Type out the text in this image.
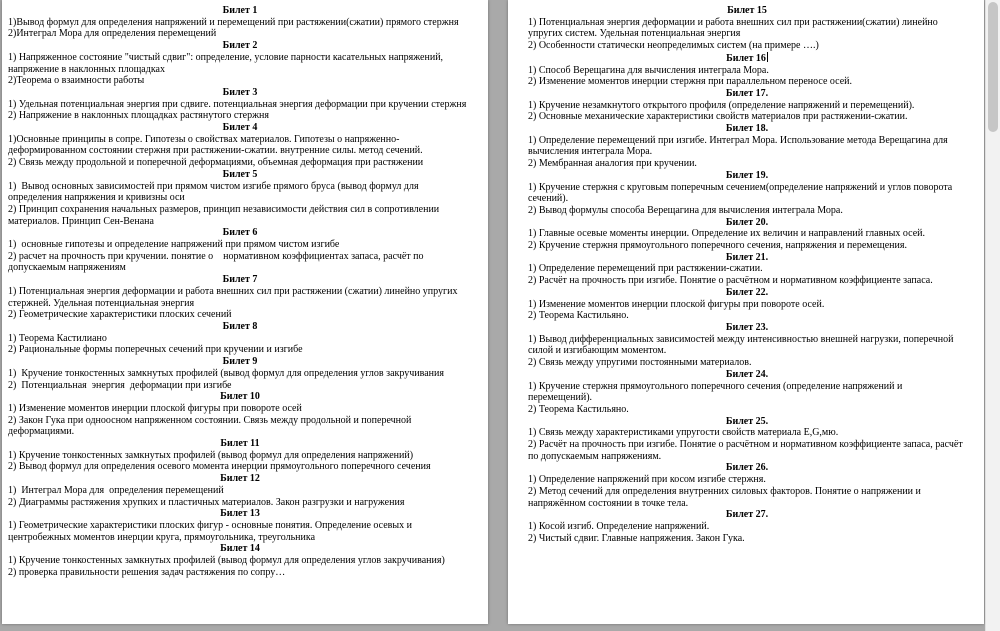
Билет 1
1)Вывод формул для определения напряжений и перемещений при растяжении(сжатии) прямого стержня
2)Интеграл Мора для определения перемещений
Билет 2
1) Напряженное состояние "чистый сдвиг": определение, условие парности касательных напряжений, напряжение в наклонных площадках
2)Теорема о взаимности работы
Билет 3
1) Удельная потенциальная энергия при сдвиге. потенциальная энергия деформации при кручении стержня
2) Напряжение в наклонных площадках растянутого стержня
Билет 4
1)Основные принципы в сопре. Гипотезы о свойствах материалов. Гипотезы о напряженно-деформированном состоянии стержня при растяжении-сжатии. внутренние силы. метод сечений.
2) Связь между продольной и поперечной деформациями, объемная деформация при растяжении
Билет 5
1)  Вывод основных зависимостей при прямом чистом изгибе прямого бруса (вывод формул для определения напряжения и кривизны оси
2) Принцип сохранения начальных размеров, принцип независимости действия сил в сопротивлении материалов. Принцип Сен-Венана
Билет 6
1)  основные гипотезы и определение напряжений при прямом чистом изгибе
2) расчет на прочность при кручении. понятие о    нормативном коэффициентах запаса, расчёт по допускаемым напряжениям
Билет 7
1) Потенциальная энергия деформации и работа внешних сил при растяжении (сжатии) линейно упругих стержней. Удельная потенциальная энергия
2) Геометрические характеристики плоских сечений
Билет 8
1) Теорема Кастилиано
2) Рациональные формы поперечных сечений при кручении и изгибе
Билет 9
1)  Кручение тонкостенных замкнутых профилей (вывод формул для определения углов закручивания
2)  Потенциальная  энергия  деформации при изгибе
Билет 10
1) Изменение моментов инерции плоской фигуры при повороте осей
2) Закон Гука при одноосном напряженном состоянии. Связь между продольной и поперечной деформациями.
Билет 11
1) Кручение тонкостенных замкнутых профилей (вывод формул для определения напряжений)
2) Вывод формул для определения осевого момента инерции прямоугольного поперечного сечения
Билет 12
1)  Интеграл Мора для  определения перемещений
2) Диаграммы растяжения хрупких и пластичных материалов. Закон разгрузки и нагружения
Билет 13
1) Геометрические характеристики плоских фигур - основные понятия. Определение осевых и центробежных моментов инерции круга, прямоугольника, треугольника
Билет 14
1) Кручение тонкостенных замкнутых профилей (вывод формул для определения углов закручивания)
2) проверка правильности решения задач растяжения по сопру…
Билет 15
1) Потенциальная энергия деформации и работа внешних сил при растяжении(сжатии) линейно упругих систем. Удельная потенциальная энергия
2) Особенности статически неопределимых систем (на примере ….)
Билет 16
1) Способ Верещагина для вычисления интеграла Мора.
2) Изменение моментов инерции стержня при параллельном переносе осей.
Билет 17.
1) Кручение незамкнутого открытого профиля (определение напряжений и перемещений).
2) Основные механические характеристики свойств материалов при растяжении-сжатии.
Билет 18.
1) Определение перемещений при изгибе. Интеграл Мора. Использование метода Верещагина для вычисления интеграла Мора.
2) Мембранная аналогия при кручении.
Билет 19.
1) Кручение стержня с круговым поперечным сечением(определение напряжений и углов поворота сечений).
2) Вывод формулы способа Верещагина для вычисления интеграла Мора.
Билет 20.
1) Главные осевые моменты инерции. Определение их величин и направлений главных осей.
2) Кручение стержня прямоугольного поперечного сечения, напряжения и перемещения.
Билет 21.
1) Определение перемещений при растяжении-сжатии.
2) Расчёт на прочность при изгибе. Понятие о расчётном и нормативном коэффициенте запаса.
Билет 22.
1) Изменение моментов инерции плоской фигуры при повороте осей.
2) Теорема Кастильяно.
Билет 23.
1) Вывод дифференциальных зависимостей между интенсивностью внешней нагрузки, поперечной силой и изгибающим моментом.
2) Связь между упругими постоянными материалов.
Билет 24.
1) Кручение стержня прямоугольного поперечного сечения (определение напряжений и перемещений).
2) Теорема Кастильяно.
Билет 25.
1) Связь между характеристиками упругости свойств материала E,G,мю.
2) Расчёт на прочность при изгибе. Понятие о расчётном и нормативном коэффициенте запаса, расчёт по допускаемым напряжениям.
Билет 26.
1) Определение напряжений при косом изгибе стержня.
2) Метод сечений для определения внутренних силовых факторов. Понятие о напряжении и напряжённом состоянии в точке тела.
Билет 27.
1) Косой изгиб. Определение напряжений.
2) Чистый сдвиг. Главные напряжения. Закон Гука.
